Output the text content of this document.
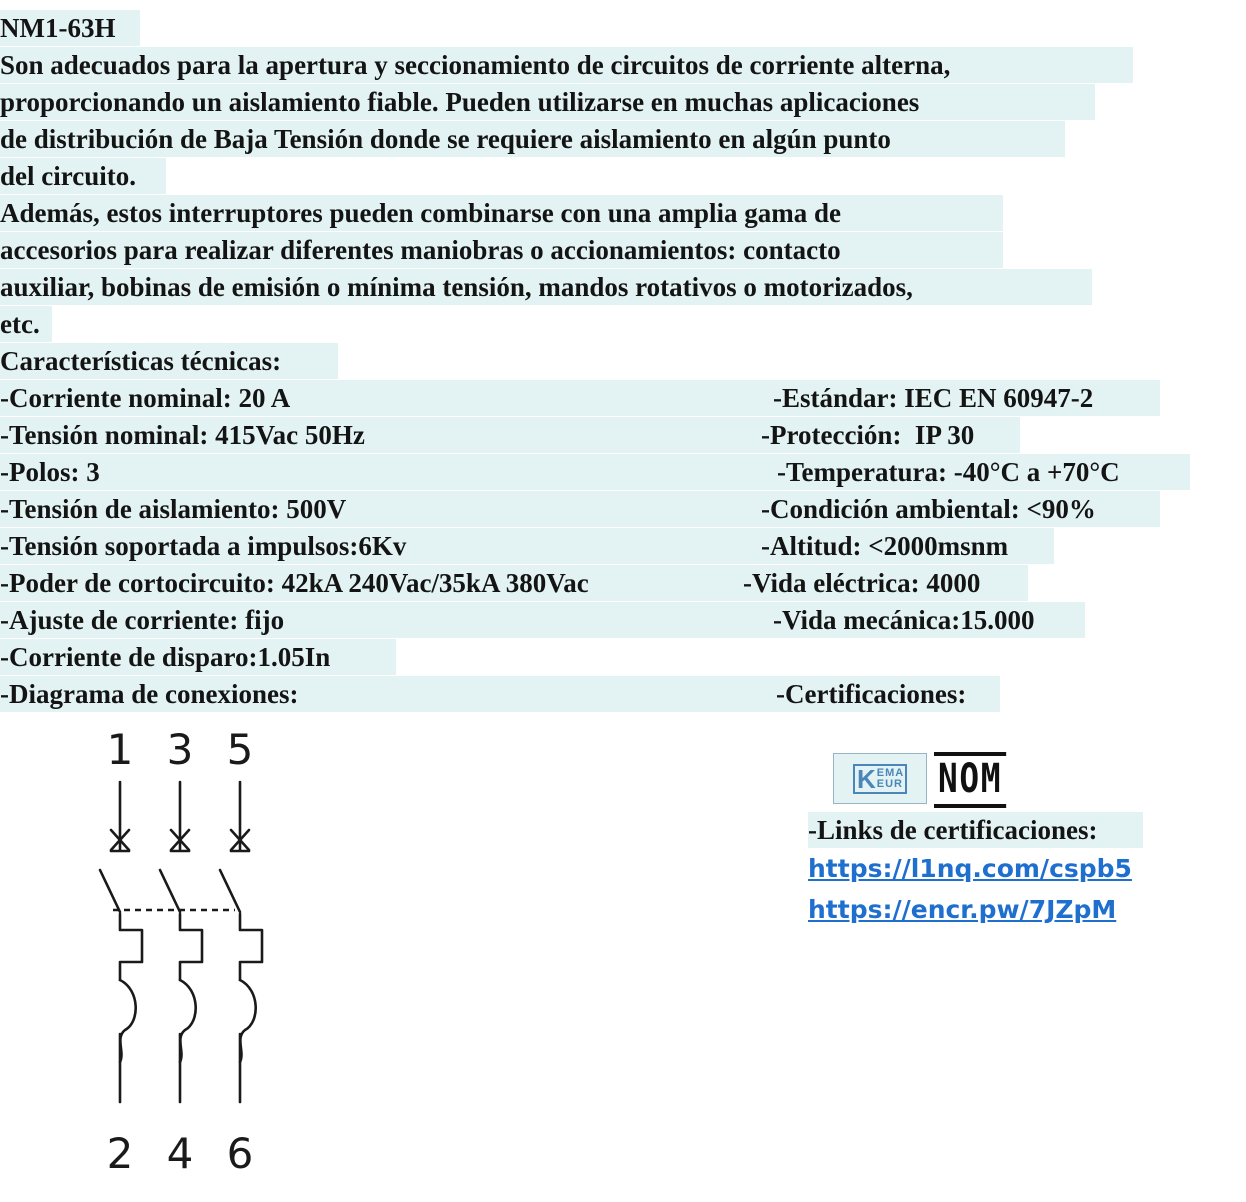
NM1-63H
Son adecuados para la apertura y seccionamiento de circuitos de corriente alterna,
proporcionando un aislamiento fiable. Pueden utilizarse en muchas aplicaciones
de distribución de Baja Tensión donde se requiere aislamiento en algún punto
del circuito.
Además, estos interruptores pueden combinarse con una amplia gama de
accesorios para realizar diferentes maniobras o accionamientos: contacto
auxiliar, bobinas de emisión o mínima tensión, mandos rotativos o motorizados,
etc.
Características técnicas:
-Corriente nominal: 20 A
-Tensión nominal: 415Vac 50Hz
-Polos: 3
-Tensión de aislamiento: 500V
-Tensión soportada a impulsos:6Kv
-Poder de cortocircuito: 42kA 240Vac/35kA 380Vac
-Ajuste de corriente: fijo
-Corriente de disparo:1.05In
-Diagrama de conexiones:
-Estándar: IEC EN 60947-2
-Protección:  IP 30
-Temperatura: -40°C a +70°C
-Condición ambiental: <90%
-Altitud: <2000msnm
-Vida eléctrica: 4000
-Vida mecánica:15.000
-Certificaciones:
1 3 5
2 4 6
K EMA
EUR NOM
-Links de certificaciones:
https://l1nq.com/cspb5
https://encr.pw/7JZpM
